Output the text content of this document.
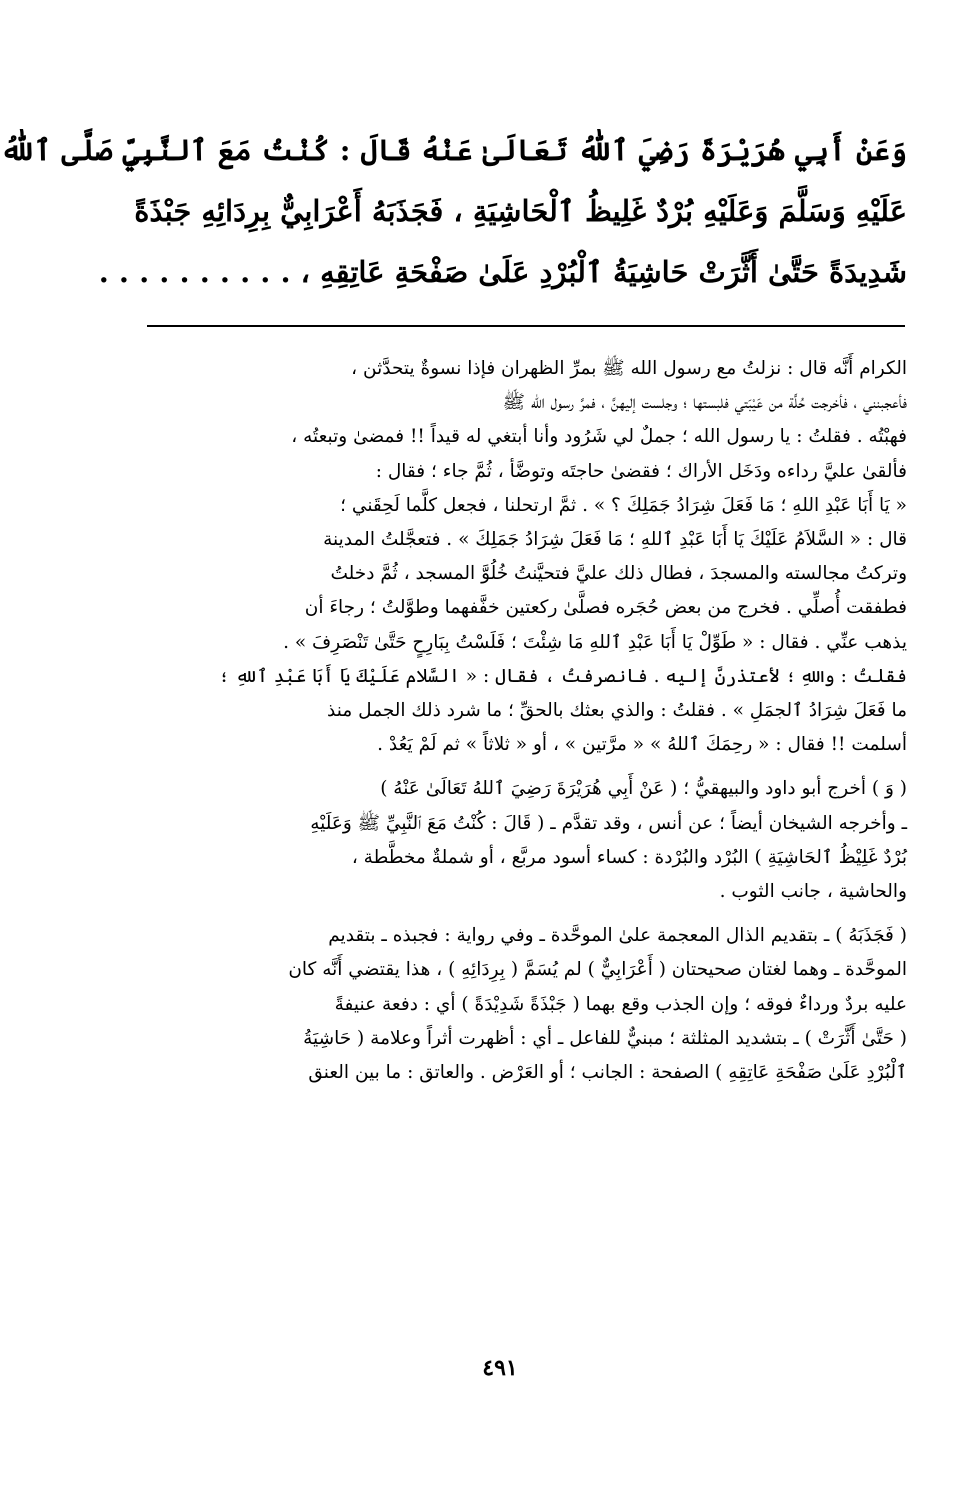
وَعَنْ أَبِي هُرَيْرَةَ رَضِيَ ٱللّٰهُ تَعَالَىٰ عَنْهُ قَالَ : كُنْتُ مَعَ ٱلنَّبِيِّ صَلَّى ٱللّٰهُ
عَلَيْهِ وَسَلَّمَ وَعَلَيْهِ بُرْدٌ غَلِيظُ ٱلْحَاشِيَةِ ، فَجَذَبَهُ أَعْرَابِيٌّ بِرِدَائِهِ جَبْذَةً
شَدِيدَةً حَتَّىٰ أَثَّرَتْ حَاشِيَةُ ٱلْبُرْدِ عَلَىٰ صَفْحَةِ عَاتِقِهِ ، . . . . . . . . . .
الكرام أَنَّه قال : نزلتُ مع رسول الله ﷺ بمرِّ الظهران فإذا نسوةٌ يتحدَّثن ،
فأعجبنني ، فأخرجت حُلَّة من عَيْبَتي فلبستها ؛ وجلست إليهنَّ ، فمرَّ رسول الله ﷺ
فهبْتُه . فقلتُ : يا رسول الله ؛ جملٌ لي شَرُود وأنا أبتغي له قيداً !! فمضىٰ وتبعتُه ،
فألقىٰ عليَّ رداءه ودَخَل الأراك ؛ فقضىٰ حاجتَه وتوضَّأ ، ثُمَّ جاء ؛ فقال :
« يَا أَبَا عَبْدِ اللهِ ؛ مَا فَعَلَ شِرَادُ جَمَلِكَ ؟ » . ثمَّ ارتحلنا ، فجعل كلَّما لَحِقَني ؛
قال : « السَّلاَمُ عَلَيْكَ يَا أَبَا عَبْدِ ٱللهِ ؛ مَا فَعَلَ شِرَادُ جَمَلِكَ » . فتعجَّلتُ المدينة
وتركتُ مجالسته والمسجدَ ، فطال ذلك عليَّ فتحيَّنتُ خُلُوَّ المسجد ، ثُمَّ دخلتُ
فطفقت أُصلِّي . فخرج من بعض حُجَره فصلَّىٰ ركعتين خفَّفهما وطوَّلتُ ؛ رجاءَ أن
يذهب عنِّي . فقال : « طَوِّلْ يَا أَبَا عَبْدِ ٱللهِ مَا شِئْتَ ؛ فَلَسْتُ بِبَارِحٍ حَتَّىٰ تَنْصَرِفَ » .
فقلتُ : واللهِ ؛ لأعتذرنَّ إليه . فانصرفتُ ، فقال : « السَّلام عَلَيْكَ يَا أَبَا عَبْدِ ٱللهِ ؛
ما فَعَلَ شِرَادُ ٱلجمَلِ » . فقلتُ : والذي بعثك بالحقِّ ؛ ما شرد ذلك الجمل منذ
أسلمت !! فقال : « رحِمَكَ ٱللهُ » « مرَّتين » ، أو « ثلاثاً » ثم لَمْ يَعُدْ .
( وَ ) أخرج أبو داود والبيهقيُّ ؛ ( عَنْ أَبِي هُرَيْرَةَ رَضِيَ ٱللهُ تَعَالَىٰ عَنْهُ )
ـ وأخرجه الشيخان أيضاً ؛ عن أنس ، وقد تقدَّم ـ ( قَالَ : كُنْتُ مَعَ ٱلنَّبِيِّ ﷺ وَعَلَيْهِ
بُرْدٌ غَلِيْظُ ٱلحَاشِيَةِ ) البُرْد والبُرْدة : كساء أسود مربَّع ، أو شملةٌ مخطَّطة ،
والحاشية ، جانب الثوب .
( فَجَذَبَهُ ) ـ بتقديم الذال المعجمة علىٰ الموحَّدة ـ وفي رواية : فجبذه ـ بتقديم
الموحَّدة ـ وهما لغتان صحيحتان ( أَعْرَابِيٌّ ) لم يُسَمَّ ( بِرِدَائِهِ ) ، هذا يقتضي أَنَّه كان
عليه بردٌ ورداءٌ فوقه ؛ وإن الجذب وقع بهما ( جَبْذَةً شَدِيْدَةً ) أي : دفعة عنيفةً
( حَتَّىٰ أَثَّرَتْ ) ـ بتشديد المثلثة ؛ مبنيٌّ للفاعل ـ أي : أظهرت أثراً وعلامة ( حَاشِيَةُ
ٱلْبُرْدِ عَلَىٰ صَفْحَةِ عَاتِقِهِ ) الصفحة : الجانب ؛ أو العَرْض . والعاتق : ما بين العنق
٤٩١
